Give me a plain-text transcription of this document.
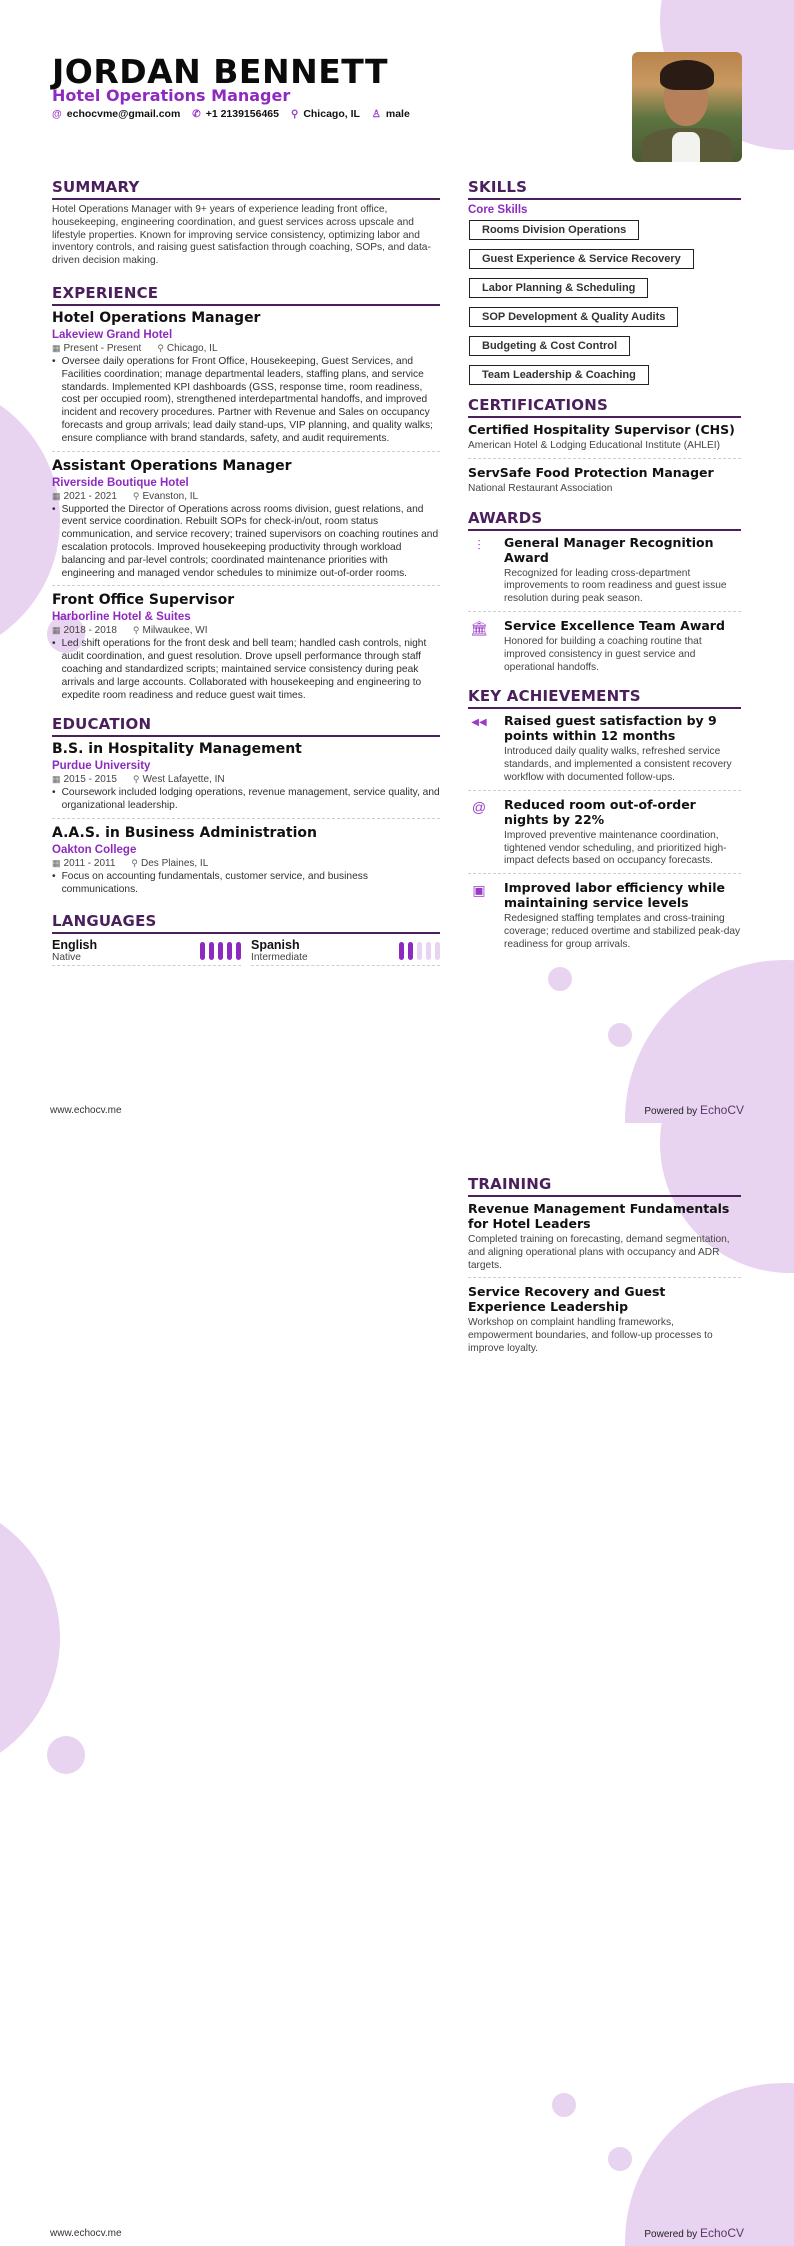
JORDAN BENNETT
Hotel Operations Manager
@ echocvme@gmail.com ✆ +1 2139156465 ⚲ Chicago, IL ♙ male
SUMMARY
Hotel Operations Manager with 9+ years of experience leading front office, housekeeping, engineering coordination, and guest services across upscale and lifestyle properties. Known for improving service consistency, optimizing labor and inventory controls, and raising guest satisfaction through coaching, SOPs, and data-driven decision making.
EXPERIENCE
Hotel Operations Manager
Lakeview Grand Hotel
▦ Present - Present ⚲ Chicago, IL
• Oversee daily operations for Front Office, Housekeeping, Guest Services, and Facilities coordination; manage departmental leaders, staffing plans, and service standards. Implemented KPI dashboards (GSS, response time, room readiness, cost per occupied room), strengthened interdepartmental handoffs, and improved incident and recovery procedures. Partner with Revenue and Sales on occupancy forecasts and group arrivals; lead daily stand-ups, VIP planning, and quality walks; ensure compliance with brand standards, safety, and audit requirements.
Assistant Operations Manager
Riverside Boutique Hotel
▦ 2021 - 2021 ⚲ Evanston, IL
• Supported the Director of Operations across rooms division, guest relations, and event service coordination. Rebuilt SOPs for check-in/out, room status communication, and service recovery; trained supervisors on coaching routines and escalation protocols. Improved housekeeping productivity through workload balancing and par-level controls; coordinated maintenance priorities with engineering and managed vendor schedules to minimize out-of-order rooms.
Front Office Supervisor
Harborline Hotel & Suites
▦ 2018 - 2018 ⚲ Milwaukee, WI
• Led shift operations for the front desk and bell team; handled cash controls, night audit coordination, and guest resolution. Drove upsell performance through staff coaching and standardized scripts; maintained service consistency during peak arrivals and large accounts. Collaborated with housekeeping and engineering to expedite room readiness and reduce guest wait times.
EDUCATION
B.S. in Hospitality Management
Purdue University
▦ 2015 - 2015 ⚲ West Lafayette, IN
• Coursework included lodging operations, revenue management, service quality, and organizational leadership.
A.A.S. in Business Administration
Oakton College
▦ 2011 - 2011 ⚲ Des Plaines, IL
• Focus on accounting fundamentals, customer service, and business communications.
LANGUAGES
English
Native
Spanish
Intermediate
SKILLS
Core Skills
Rooms Division Operations
Guest Experience & Service Recovery
Labor Planning & Scheduling
SOP Development & Quality Audits
Budgeting & Cost Control
Team Leadership & Coaching
CERTIFICATIONS
Certified Hospitality Supervisor (CHS)
American Hotel & Lodging Educational Institute (AHLEI)
ServSafe Food Protection Manager
National Restaurant Association
AWARDS
⫶	General Manager Recognition Award
Recognized for leading cross-department improvements to room readiness and guest issue resolution during peak season.
🏛 Service Excellence Team Award
Honored for building a coaching routine that improved consistency in guest service and operational handoffs.
KEY ACHIEVEMENTS
◀◀ Raised guest satisfaction by 9 points within 12 months
Introduced daily quality walks, refreshed service standards, and implemented a consistent recovery workflow with documented follow-ups.
@	Reduced room out-of-order nights by 22%
Improved preventive maintenance coordination, tightened vendor scheduling, and prioritized high-impact defects based on occupancy forecasts.
▣	Improved labor efficiency while maintaining service levels
Redesigned staffing templates and cross-training coverage; reduced overtime and stabilized peak-day readiness for group arrivals.
www.echocv.me	Powered by EchoCV
TRAINING
Revenue Management Fundamentals for Hotel Leaders
Completed training on forecasting, demand segmentation, and aligning operational plans with occupancy and ADR targets.
Service Recovery and Guest Experience Leadership
Workshop on complaint handling frameworks, empowerment boundaries, and follow-up processes to improve loyalty.
www.echocv.me	Powered by EchoCV
